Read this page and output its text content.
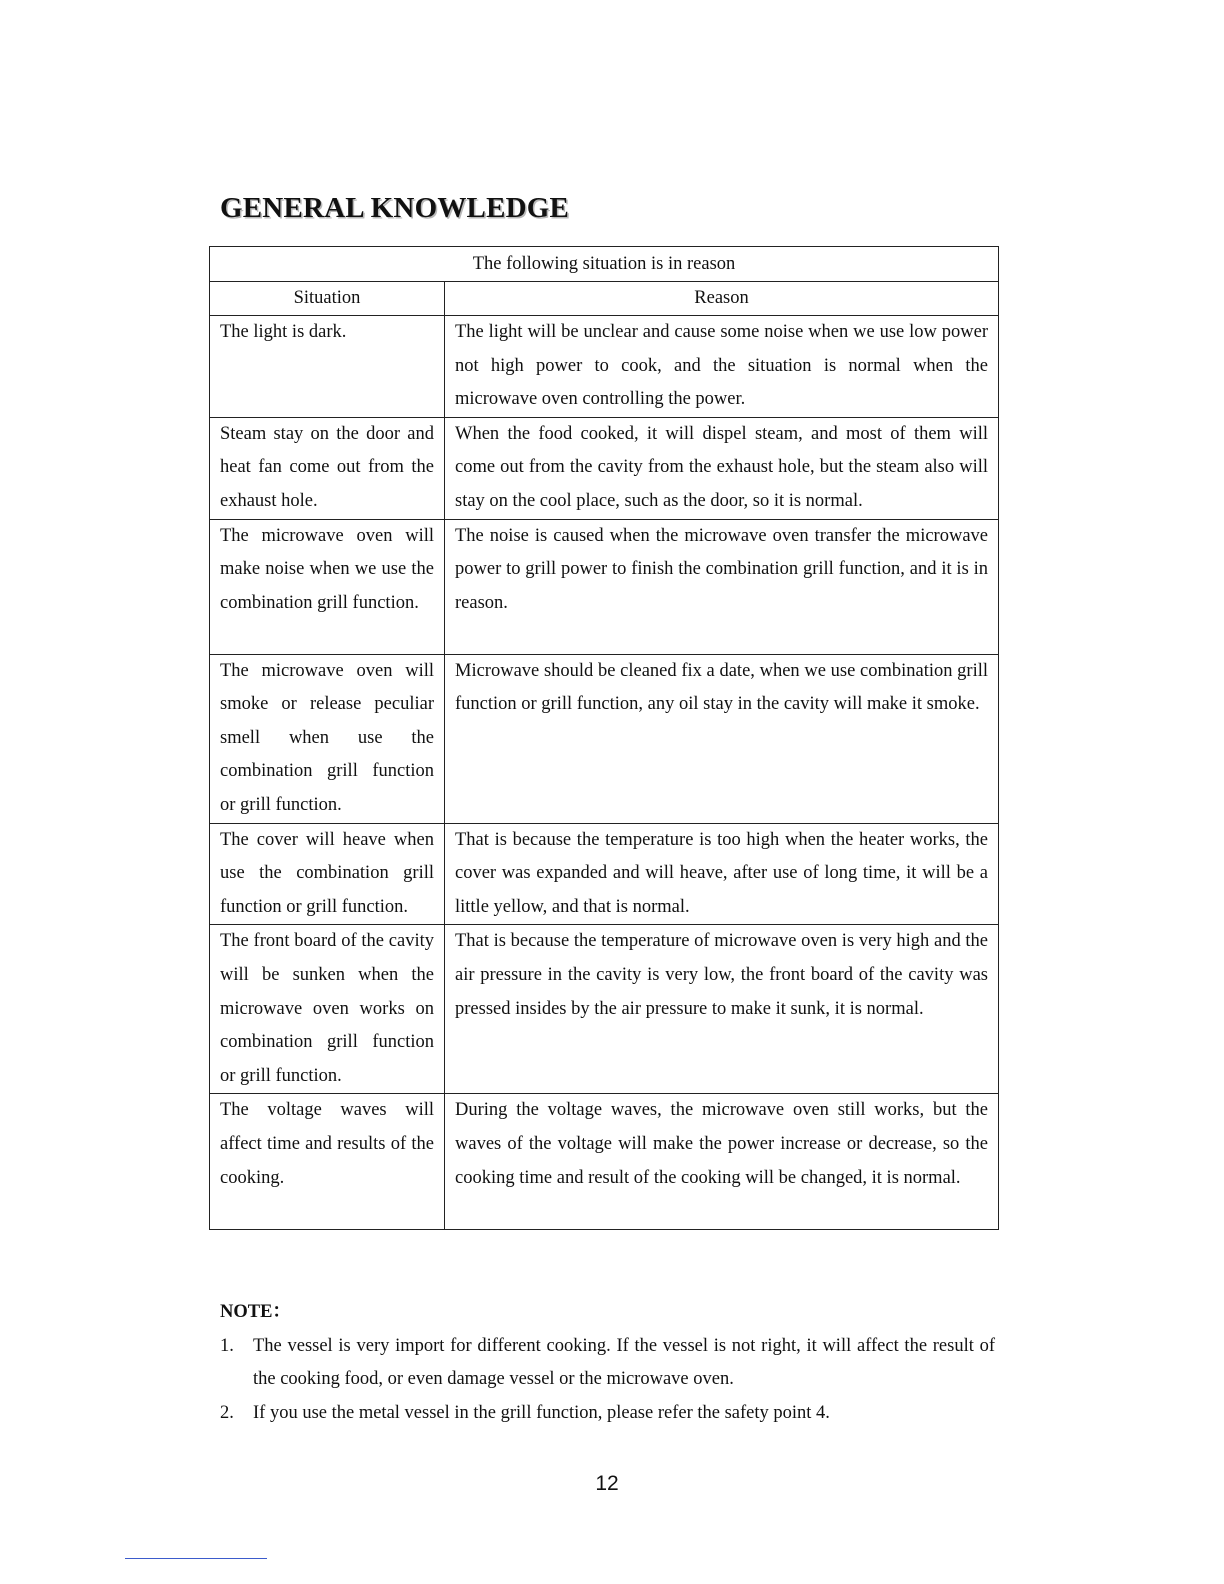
GENERAL KNOWLEDGE
The following situation is in reason	
Situation	Reason
The light is dark.	The light will be unclear and cause some noise when we use low power not high power to cook, and the situation is normal when the microwave oven controlling the power.
Steam stay on the door and heat fan come out from the exhaust hole.	When the food cooked, it will dispel steam, and most of them will come out from the cavity from the exhaust hole, but the steam also will stay on the cool place, such as the door, so it is normal.
The microwave oven will make noise when we use the combination grill function.	The noise is caused when the microwave oven transfer the microwave power to grill power to finish the combination grill function, and it is in reason.
The microwave oven will smoke or release peculiar smell when use the combination grill function or grill function.	Microwave should be cleaned fix a date, when we use combination grill function or grill function, any oil stay in the cavity will make it smoke.
The cover will heave when use the combination grill function or grill function.	That is because the temperature is too high when the heater works, the cover was expanded and will heave, after use of long time, it will be a little yellow, and that is normal.
The front board of the cavity will be sunken when the microwave oven works on combination grill function or grill function.	That is because the temperature of microwave oven is very high and the air pressure in the cavity is very low, the front board of the cavity was pressed insides by the air pressure to make it sunk, it is normal.
The voltage waves will affect time and results of the cooking.	During the voltage waves, the microwave oven still works, but the waves of the voltage will make the power increase or decrease, so the cooking time and result of the cooking will be changed, it is normal.
NOTE：
1. The vessel is very import for different cooking. If the vessel is not right, it will affect the result of the cooking food, or even damage vessel or the microwave oven.
2. If you use the metal vessel in the grill function, please refer the safety point 4.
12
